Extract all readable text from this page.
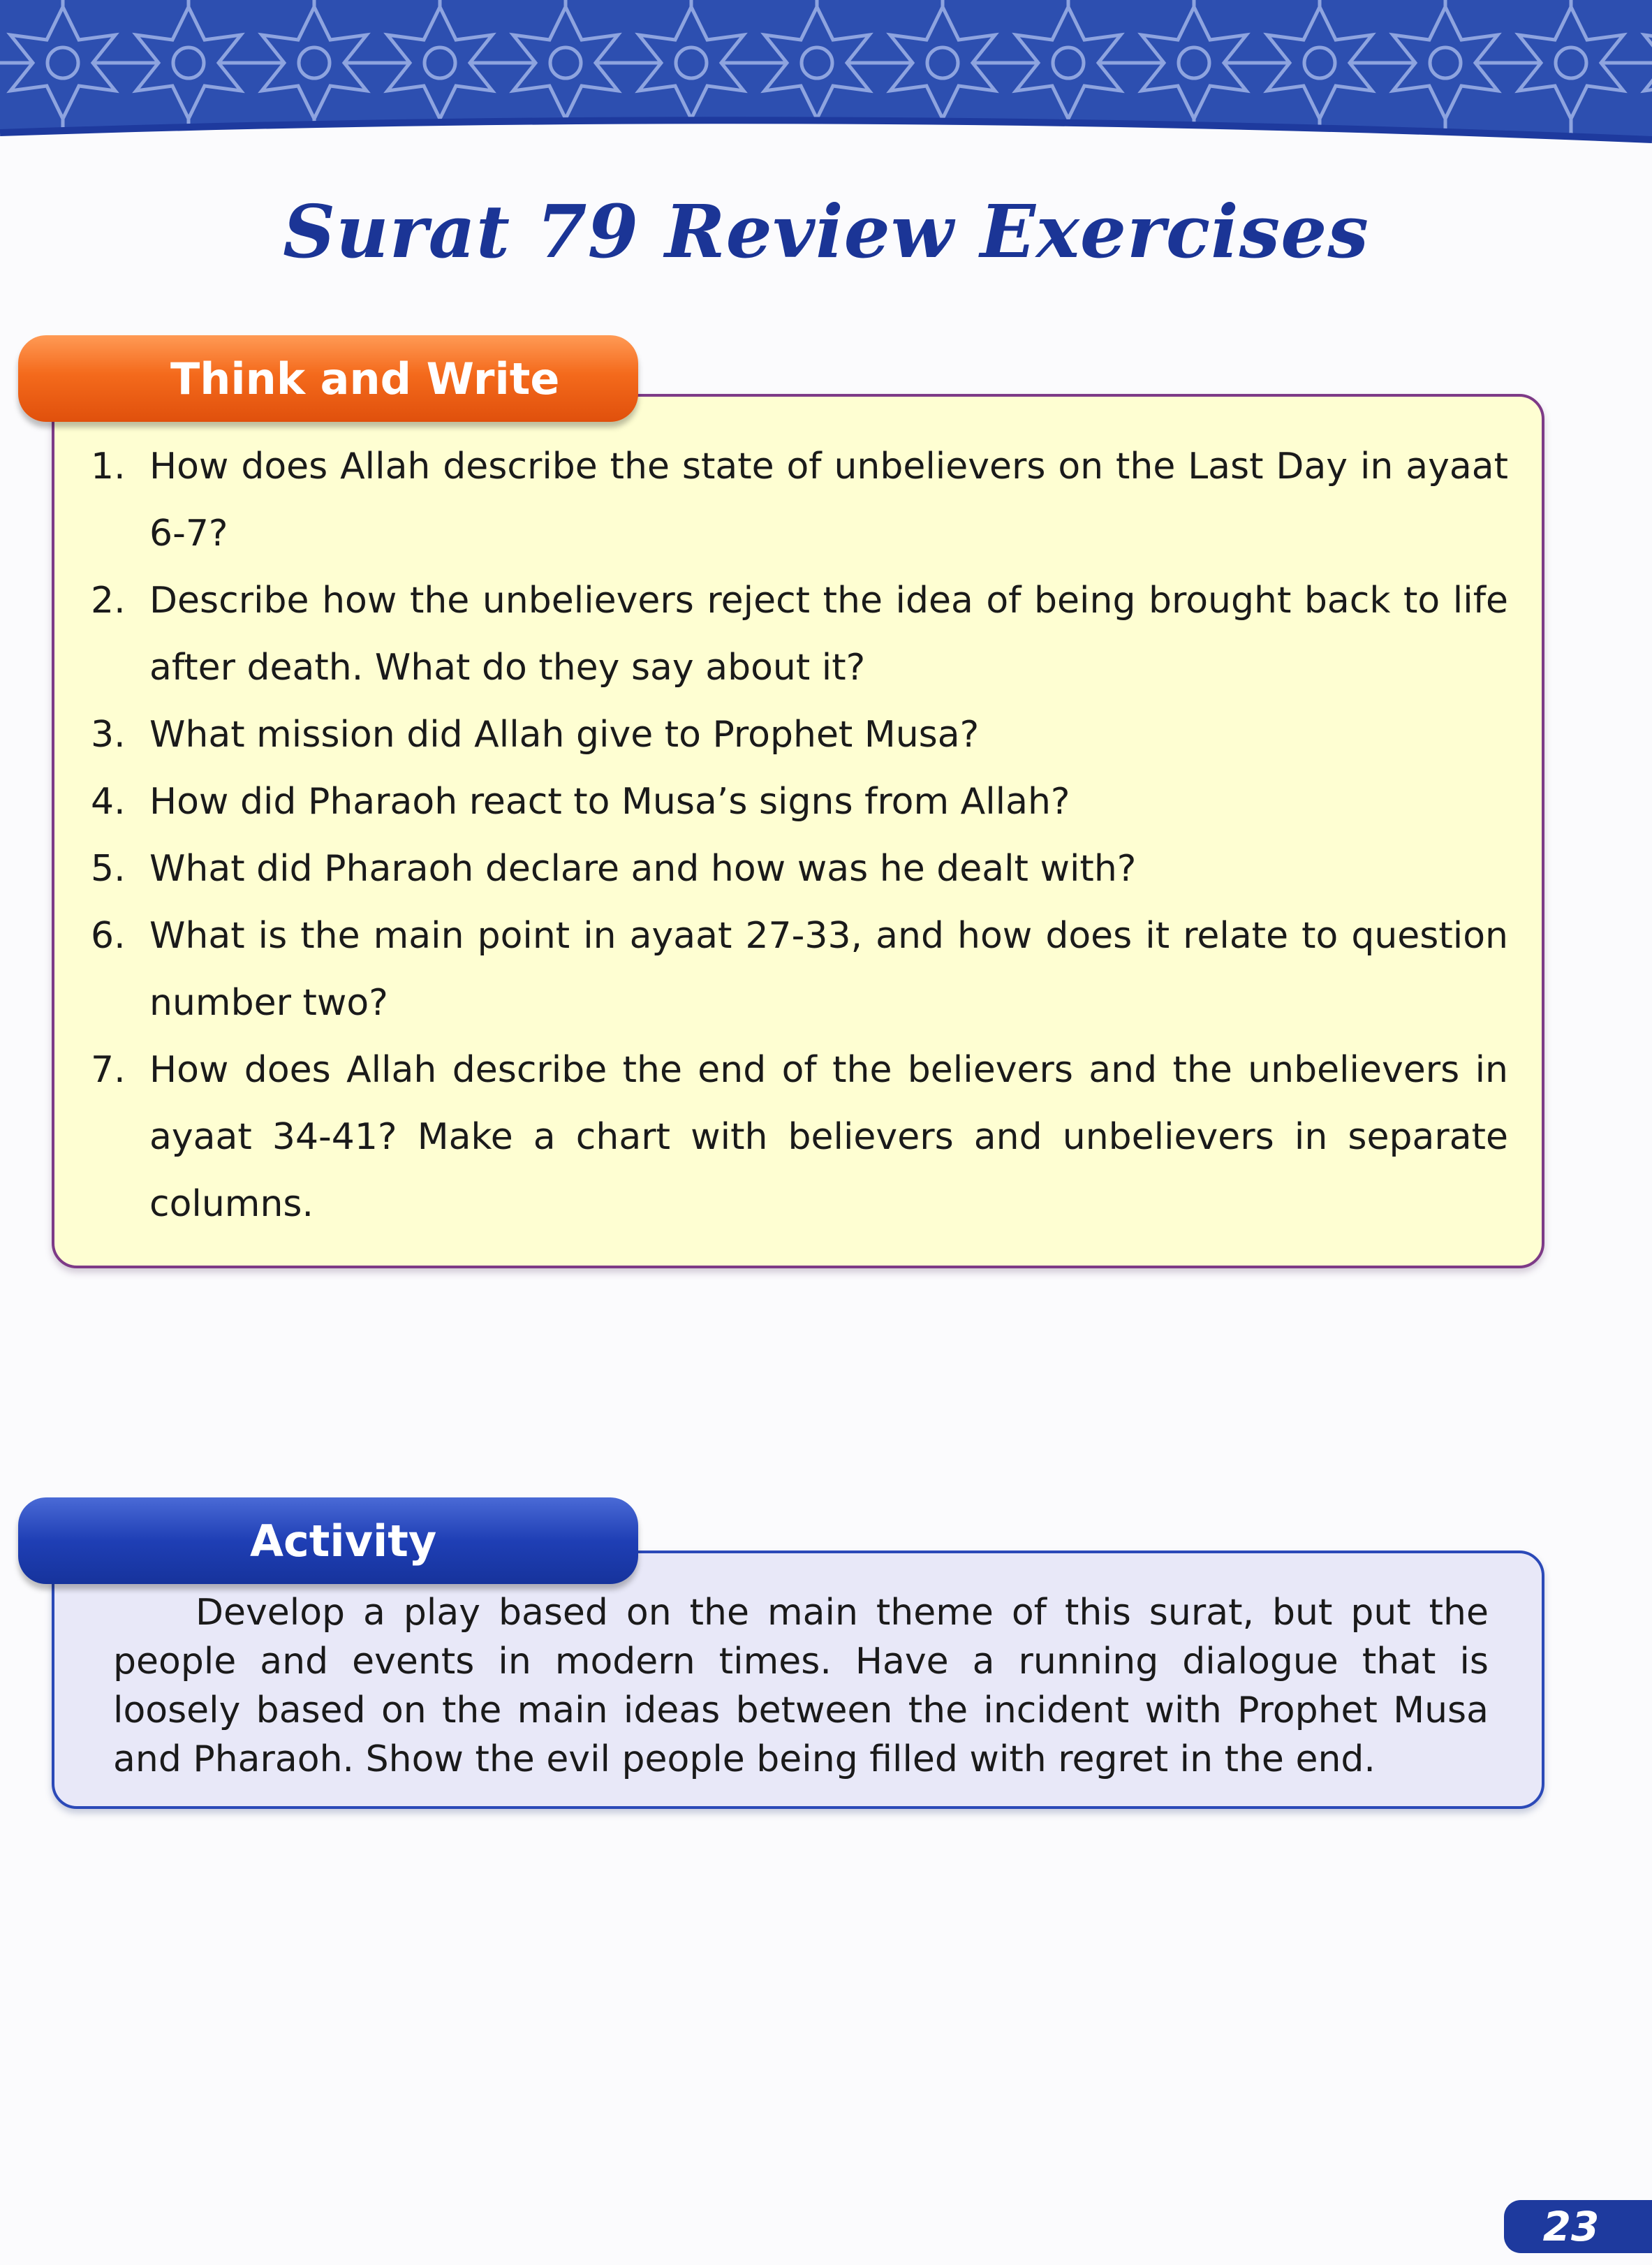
Surat 79 Review Exercises
Think and Write
1. How does Allah describe the state of unbelievers on the Last Day in ayaat 6-7?
2. Describe how the unbelievers reject the idea of being brought back to life after death. What do they say about it?
3. What mission did Allah give to Prophet Musa?
4. How did Pharaoh react to Musa’s signs from Allah?
5. What did Pharaoh declare and how was he dealt with?
6. What is the main point in ayaat 27-33, and how does it relate to question number two?
7. How does Allah describe the end of the believers and the unbelievers in ayaat 34-41? Make a chart with believers and unbelievers in separate columns.
Activity

Develop a play based on the main theme of this surat, but put the people and events in modern times. Have a running dialogue that is loosely based on the main ideas between the incident with Prophet Musa and Pharaoh. Show the evil people being filled with regret in the end.

23
